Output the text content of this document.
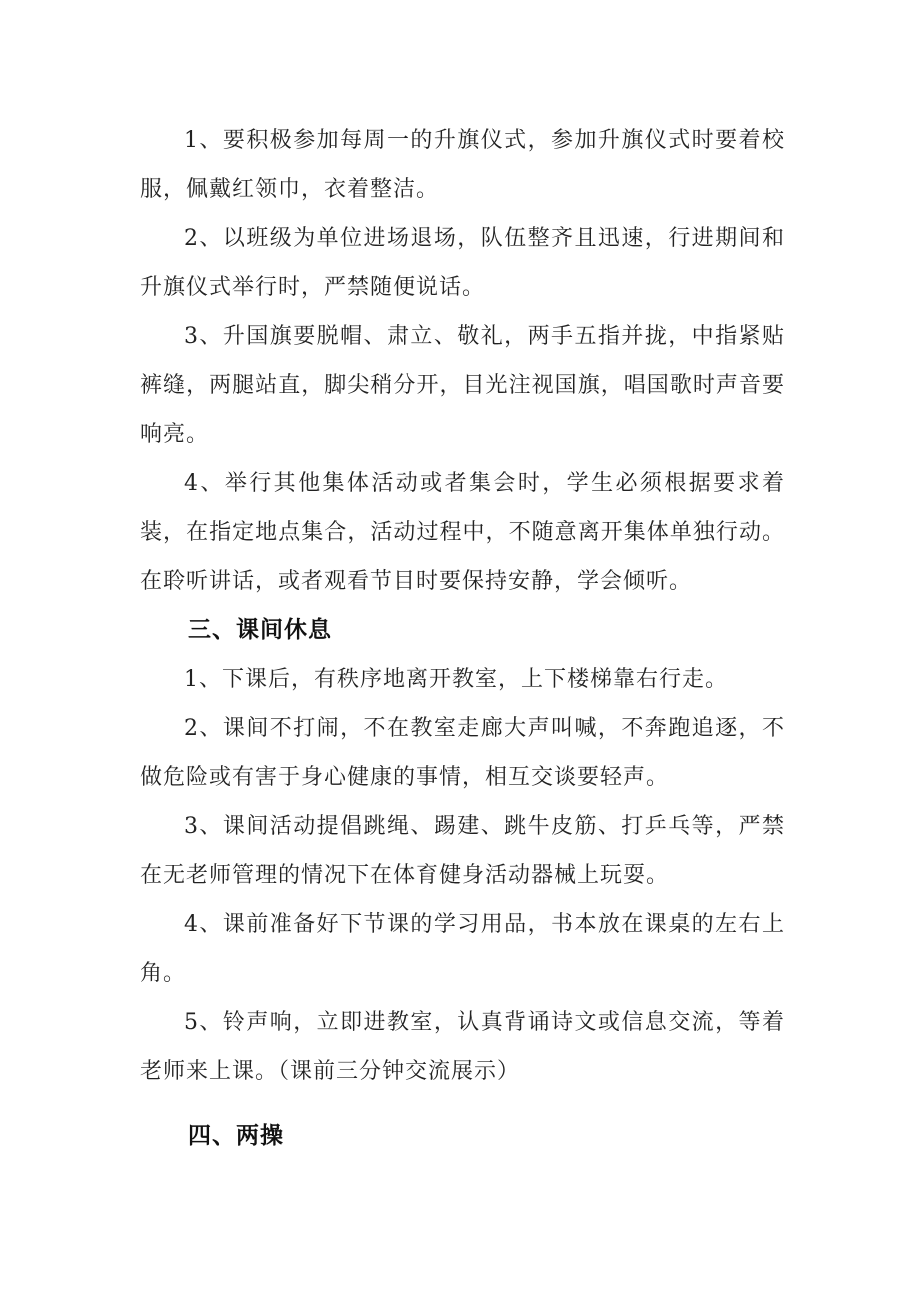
1、要积极参加每周一的升旗仪式，参加升旗仪式时要着校服，佩戴红领巾，衣着整洁。

2、以班级为单位进场退场，队伍整齐且迅速，行进期间和升旗仪式举行时，严禁随便说话。

3、升国旗要脱帽、肃立、敬礼，两手五指并拢，中指紧贴裤缝，两腿站直，脚尖稍分开，目光注视国旗，唱国歌时声音要响亮。

4、举行其他集体活动或者集会时，学生必须根据要求着装，在指定地点集合，活动过程中，不随意离开集体单独行动。在聆听讲话，或者观看节目时要保持安静，学会倾听。

三、课间休息

1、下课后，有秩序地离开教室，上下楼梯靠右行走。

2、课间不打闹，不在教室走廊大声叫喊，不奔跑追逐，不做危险或有害于身心健康的事情，相互交谈要轻声。

3、课间活动提倡跳绳、踢建、跳牛皮筋、打乒乓等，严禁在无老师管理的情况下在体育健身活动器械上玩耍。

4、课前准备好下节课的学习用品，书本放在课桌的左右上角。

5、铃声响，立即进教室，认真背诵诗文或信息交流，等着老师来上课。（课前三分钟交流展示）

四、两操
